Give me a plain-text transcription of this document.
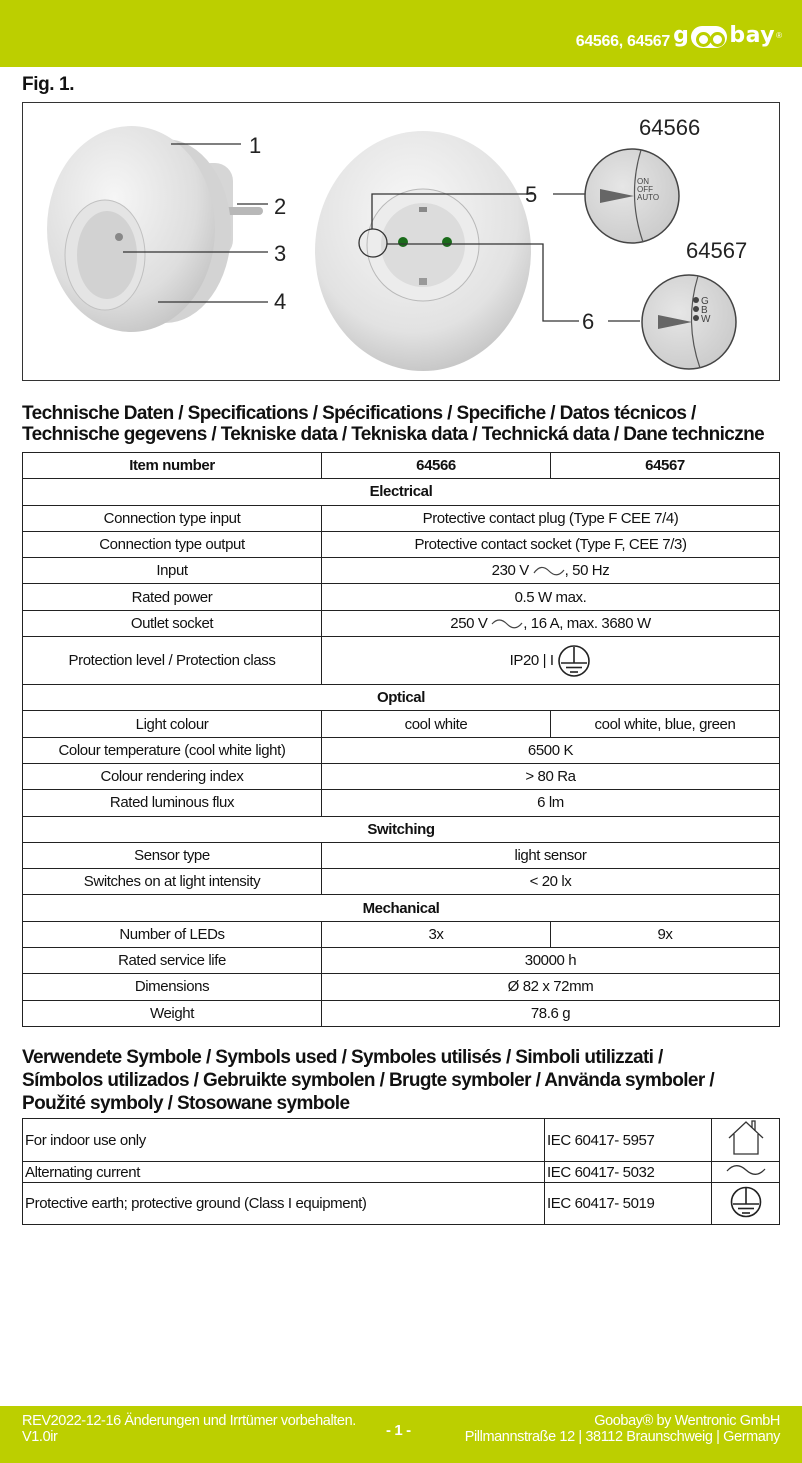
64566, 64567 g bay ®
Fig. 1.
1
2
3
4
5
6
64566
ON
OFF
AUTO
64567
G
B
W
Technische Daten / Specifications / Spécifications / Specifiche / Datos técnicos /
Technische gegevens / Tekniske data / Tekniska data / Technická data / Dane techniczne
Item number	64566	64567
Electrical		
Connection type input	Protective contact plug (Type F CEE 7/4)	
Connection type output	Protective contact socket (Type F, CEE 7/3)	
Input	230 V , 50 Hz	
Rated power	0.5 W max.	
Outlet socket	250 V , 16 A, max. 3680 W	
Protection level / Protection class	IP20 | I	
Optical		
Light colour	cool white	cool white, blue, green
Colour temperature (cool white light)	6500 K	
Colour rendering index	> 80 Ra	
Rated luminous flux	6 lm	
Switching		
Sensor type	light sensor	
Switches on at light intensity	< 20 lx	
Mechanical		
Number of LEDs	3x	9x
Rated service life	30000 h	
Dimensions	Ø 82 x 72mm	
Weight	78.6 g	
Verwendete Symbole / Symbols used / Symboles utilisés / Simboli utilizzati /
Símbolos utilizados / Gebruikte symbolen / Brugte symboler / Använda symboler /
Použité symboly / Stosowane symbole
For indoor use only	IEC 60417- 5957	
Alternating current	IEC 60417- 5032	
Protective earth; protective ground (Class I equipment)	IEC 60417- 5019	
REV2022-12-16 Änderungen und Irrtümer vorbehalten.
V1.0ir	- 1 -
Goobay® by Wentronic GmbH
Pillmannstraße 12 | 38112 Braunschweig | Germany
